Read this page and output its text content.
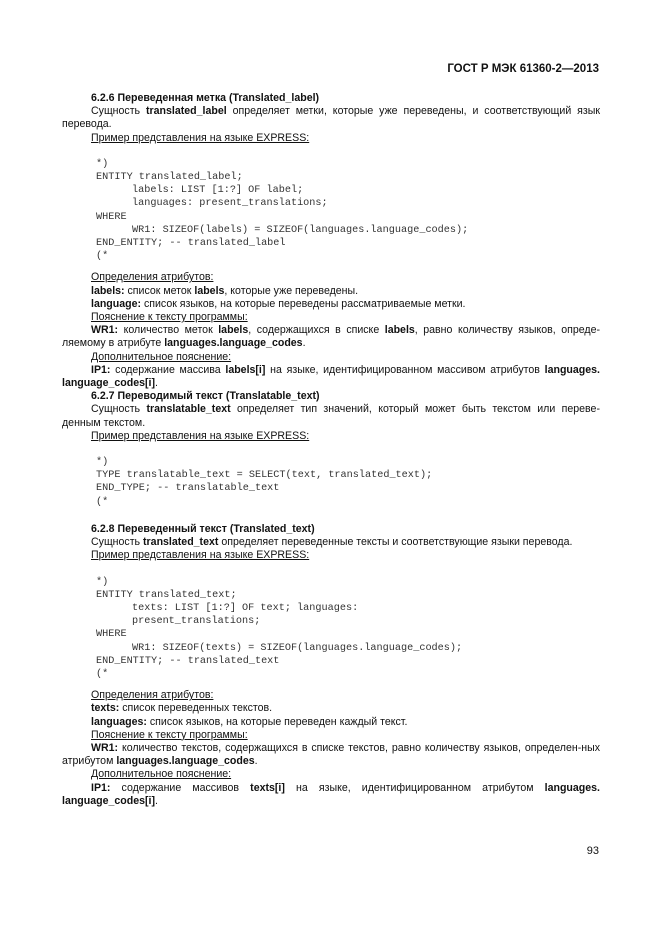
ГОСТ Р МЭК 61360-2—2013

6.2.6 Переведенная метка (Translated_label)

Сущность translated_label определяет метки, которые уже переведены, и соответствующий язык перевода.

Пример представления на языке EXPRESS:

*)
ENTITY translated_label;
labels: LIST [1:?] OF label;
languages: present_translations;
WHERE
WR1: SIZEOF(labels) = SIZEOF(languages.language_codes);
END_ENTITY; -- translated_label
(*

Определения атрибутов:

labels: список меток labels, которые уже переведены.

language: список языков, на которые переведены рассматриваемые метки.

Пояснение к тексту программы:

WR1: количество меток labels, содержащихся в списке labels, равно количеству языков, опреде-ляемому в атрибуте languages.language_codes.

Дополнительное пояснение:

IP1: содержание массива labels[i] на языке, идентифицированном массивом атрибутов languages. language_codes[i].

6.2.7 Переводимый текст (Translatable_text)

Сущность translatable_text определяет тип значений, который может быть текстом или переве-денным текстом.

Пример представления на языке EXPRESS:

*)
TYPE translatable_text = SELECT(text, translated_text);
END_TYPE; -- translatable_text
(*

6.2.8 Переведенный текст (Translated_text)

Сущность translated_text определяет переведенные тексты и соответствующие языки перевода.

Пример представления на языке EXPRESS:

*)
ENTITY translated_text;
texts: LIST [1:?] OF text; languages:
present_translations;
WHERE
WR1: SIZEOF(texts) = SIZEOF(languages.language_codes);
END_ENTITY; -- translated_text
(*

Определения атрибутов:

texts: список переведенных текстов.

languages: список языков, на которые переведен каждый текст.

Пояснение к тексту программы:

WR1: количество текстов, содержащихся в списке текстов, равно количеству языков, определен-ных атрибутом languages.language_codes.

Дополнительное пояснение:

IP1: содержание массивов texts[i] на языке, идентифицированном атрибутом languages. language_codes[i].

93
